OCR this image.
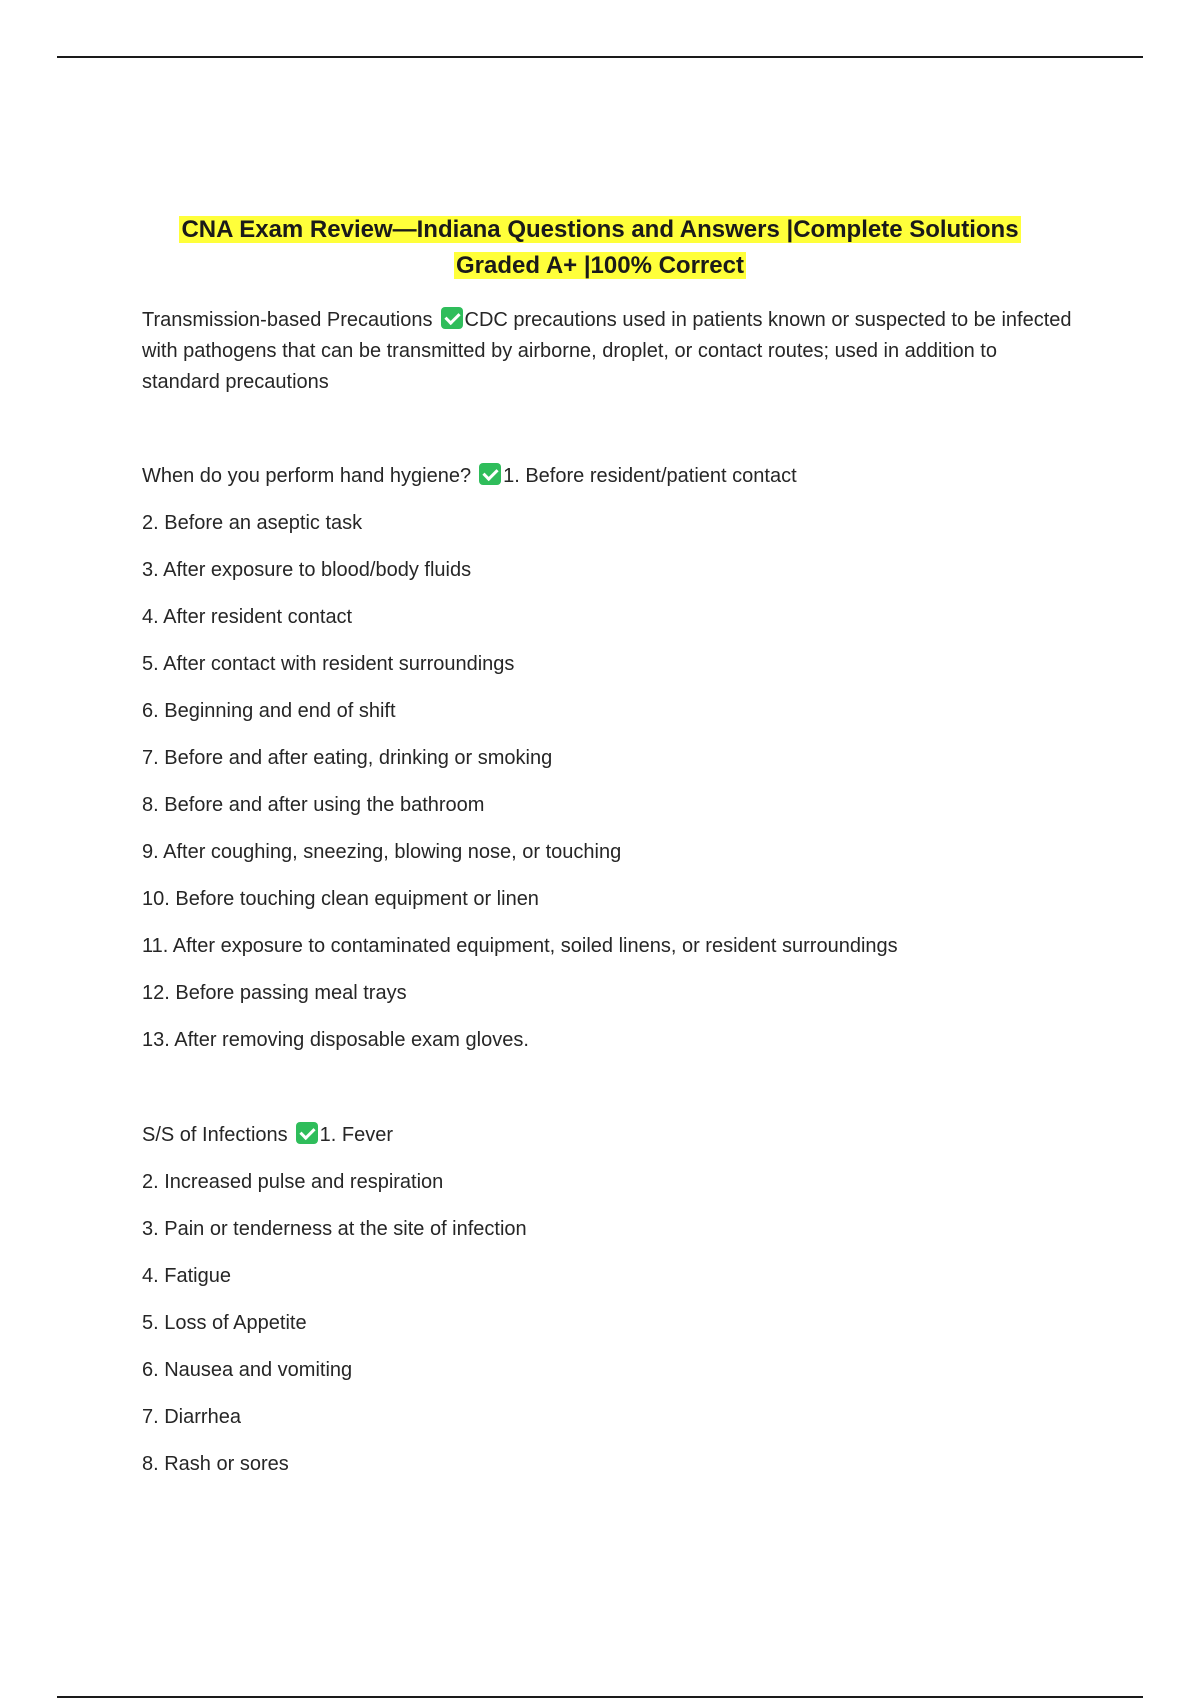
CNA Exam Review—Indiana Questions and Answers |Complete Solutions
Graded A+ |100% Correct

Transmission-based Precautions CDC precautions used in patients known or suspected to be infected with pathogens that can be transmitted by airborne, droplet, or contact routes; used in addition to standard precautions

When do you perform hand hygiene? 1. Before resident/patient contact
2. Before an aseptic task
3. After exposure to blood/body fluids
4. After resident contact
5. After contact with resident surroundings
6. Beginning and end of shift
7. Before and after eating, drinking or smoking
8. Before and after using the bathroom
9. After coughing, sneezing, blowing nose, or touching
10. Before touching clean equipment or linen
11. After exposure to contaminated equipment, soiled linens, or resident surroundings
12. Before passing meal trays
13. After removing disposable exam gloves.
S/S of Infections 1. Fever
2. Increased pulse and respiration
3. Pain or tenderness at the site of infection
4. Fatigue
5. Loss of Appetite
6. Nausea and vomiting
7. Diarrhea
8. Rash or sores
